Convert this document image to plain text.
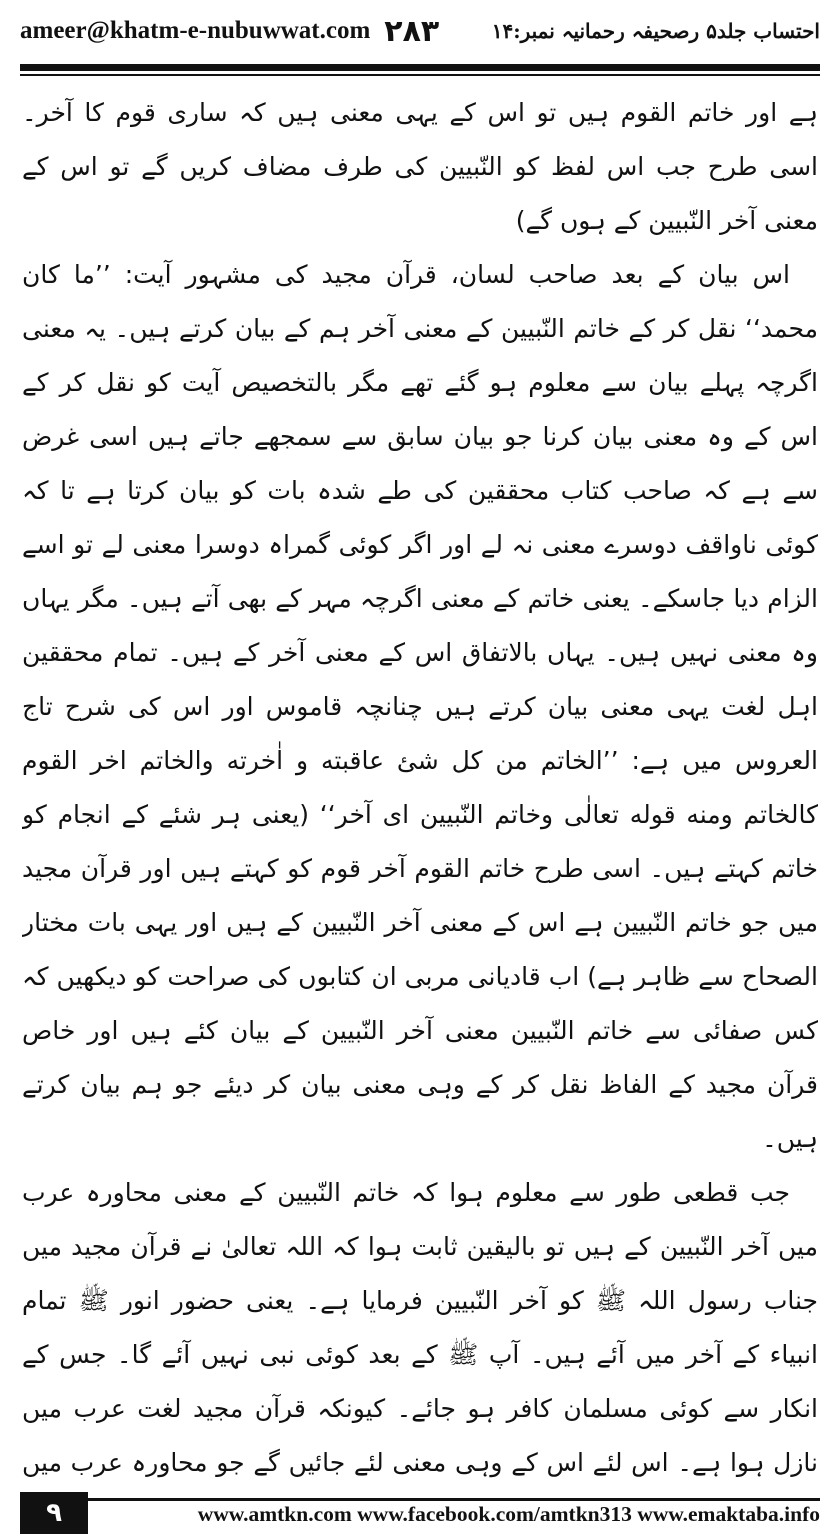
ameer@khatm-e-nubuwwat.com ۲۸۳	احتساب جلد۵ رصحیفہ رحمانیہ نمبر:۱۴

ہے اور خاتم القوم ہیں تو اس کے یہی معنی ہیں کہ ساری قوم کا آخر۔ اسی طرح جب اس لفظ کو النّبیین کی طرف مضاف کریں گے تو اس کے معنی آخر النّبیین کے ہوں گے)

اس بیان کے بعد صاحب لسان، قرآن مجید کی مشہور آیت: ’’ما کان محمد‘‘ نقل کر کے خاتم النّبیین کے معنی آخر ہم کے بیان کرتے ہیں۔ یہ معنی اگرچہ پہلے بیان سے معلوم ہو گئے تھے مگر بالتخصیص آیت کو نقل کر کے اس کے وہ معنی بیان کرنا جو بیان سابق سے سمجھے جاتے ہیں اسی غرض سے ہے کہ صاحب کتاب محققین کی طے شدہ بات کو بیان کرتا ہے تا کہ کوئی ناواقف دوسرے معنی نہ لے اور اگر کوئی گمراہ دوسرا معنی لے تو اسے الزام دیا جاسکے۔ یعنی خاتم کے معنی اگرچہ مہر کے بھی آتے ہیں۔ مگر یہاں وہ معنی نہیں ہیں۔ یہاں بالاتفاق اس کے معنی آخر کے ہیں۔ تمام محققین اہل لغت یہی معنی بیان کرتے ہیں چنانچہ قاموس اور اس کی شرح تاج العروس میں ہے: ’’الخاتم من کل شئ عاقبته و اٰخرته والخاتم اخر القوم کالخاتم ومنه قوله تعالٰی وخاتم النّبیین ای آخر‘‘ (یعنی ہر شئے کے انجام کو خاتم کہتے ہیں۔ اسی طرح خاتم القوم آخر قوم کو کہتے ہیں اور قرآن مجید میں جو خاتم النّبیین ہے اس کے معنی آخر النّبیین کے ہیں اور یہی بات مختار الصحاح سے ظاہر ہے) اب قادیانی مربی ان کتابوں کی صراحت کو دیکھیں کہ کس صفائی سے خاتم النّبیین معنی آخر النّبیین کے بیان کئے ہیں اور خاص قرآن مجید کے الفاظ نقل کر کے وہی معنی بیان کر دیئے جو ہم بیان کرتے ہیں۔

جب قطعی طور سے معلوم ہوا کہ خاتم النّبیین کے معنی محاورہ عرب میں آخر النّبیین کے ہیں تو بالیقین ثابت ہوا کہ اللہ تعالیٰ نے قرآن مجید میں جناب رسول اللہ ﷺ کو آخر النّبیین فرمایا ہے۔ یعنی حضور انور ﷺ تمام انبیاء کے آخر میں آئے ہیں۔ آپ ﷺ کے بعد کوئی نبی نہیں آئے گا۔ جس کے انکار سے کوئی مسلمان کافر ہو جائے۔ کیونکہ قرآن مجید لغت عرب میں نازل ہوا ہے۔ اس لئے اس کے وہی معنی لئے جائیں گے جو محاورہ عرب میں

۹	www.amtkn.com www.facebook.com/amtkn313 www.emaktaba.info
